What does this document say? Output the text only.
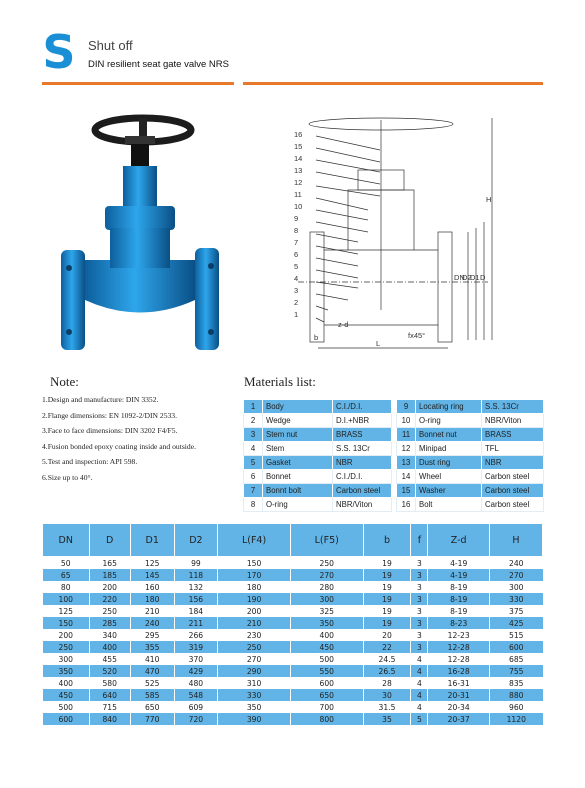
S Shut off
DIN resilient seat gate valve NRS
16
15
14
13
12
11
10
9
8
7
6
5
4
3
2
1
H
DN
D2
D1 D
z-d
b	fx45°
L
Note:
1.Design and manufacture: DIN 3352.
2.Flange dimensions: EN 1092-2/DIN 2533.
3.Face to face dimensions: DIN 3202 F4/F5.
4.Fusion bonded epoxy coating inside and outside.
5.Test and inspection: API 598.
6.Size up to 40°.
Materials list:
1	Body	C.I./D.I.
2	Wedge	D.I.+NBR
3	Stem nut	BRASS
4	Stem	S.S. 13Cr
5	Gasket	NBR
6	Bonnet	C.I./D.I.
7	Bonnt bolt	Carbon steel
8	O-ring	NBR/Viton
9	Locating ring	S.S. 13Cr
10	O-ring	NBR/Viton
11	Bonnet nut	BRASS
12	Minipad	TFL
13	Dust ring	NBR
14	Wheel	Carbon steel
15	Washer	Carbon steel
16	Bolt	Carbon steel
DN	D	D1	D2	L(F4)	L(F5)	b	f	Z-d	H
50	165	125	99	150	250	19	3	4-19	240
65	185	145	118	170	270	19	3	4-19	270
80	200	160	132	180	280	19	3	8-19	300
100	220	180	156	190	300	19	3	8-19	330
125	250	210	184	200	325	19	3	8-19	375
150	285	240	211	210	350	19	3	8-23	425
200	340	295	266	230	400	20	3	12-23	515
250	400	355	319	250	450	22	3	12-28	600
300	455	410	370	270	500	24.5	4	12-28	685
350	520	470	429	290	550	26.5	4	16-28	755
400	580	525	480	310	600	28	4	16-31	835
450	640	585	548	330	650	30	4	20-31	880
500	715	650	609	350	700	31.5	4	20-34	960
600	840	770	720	390	800	35	5	20-37	1120
